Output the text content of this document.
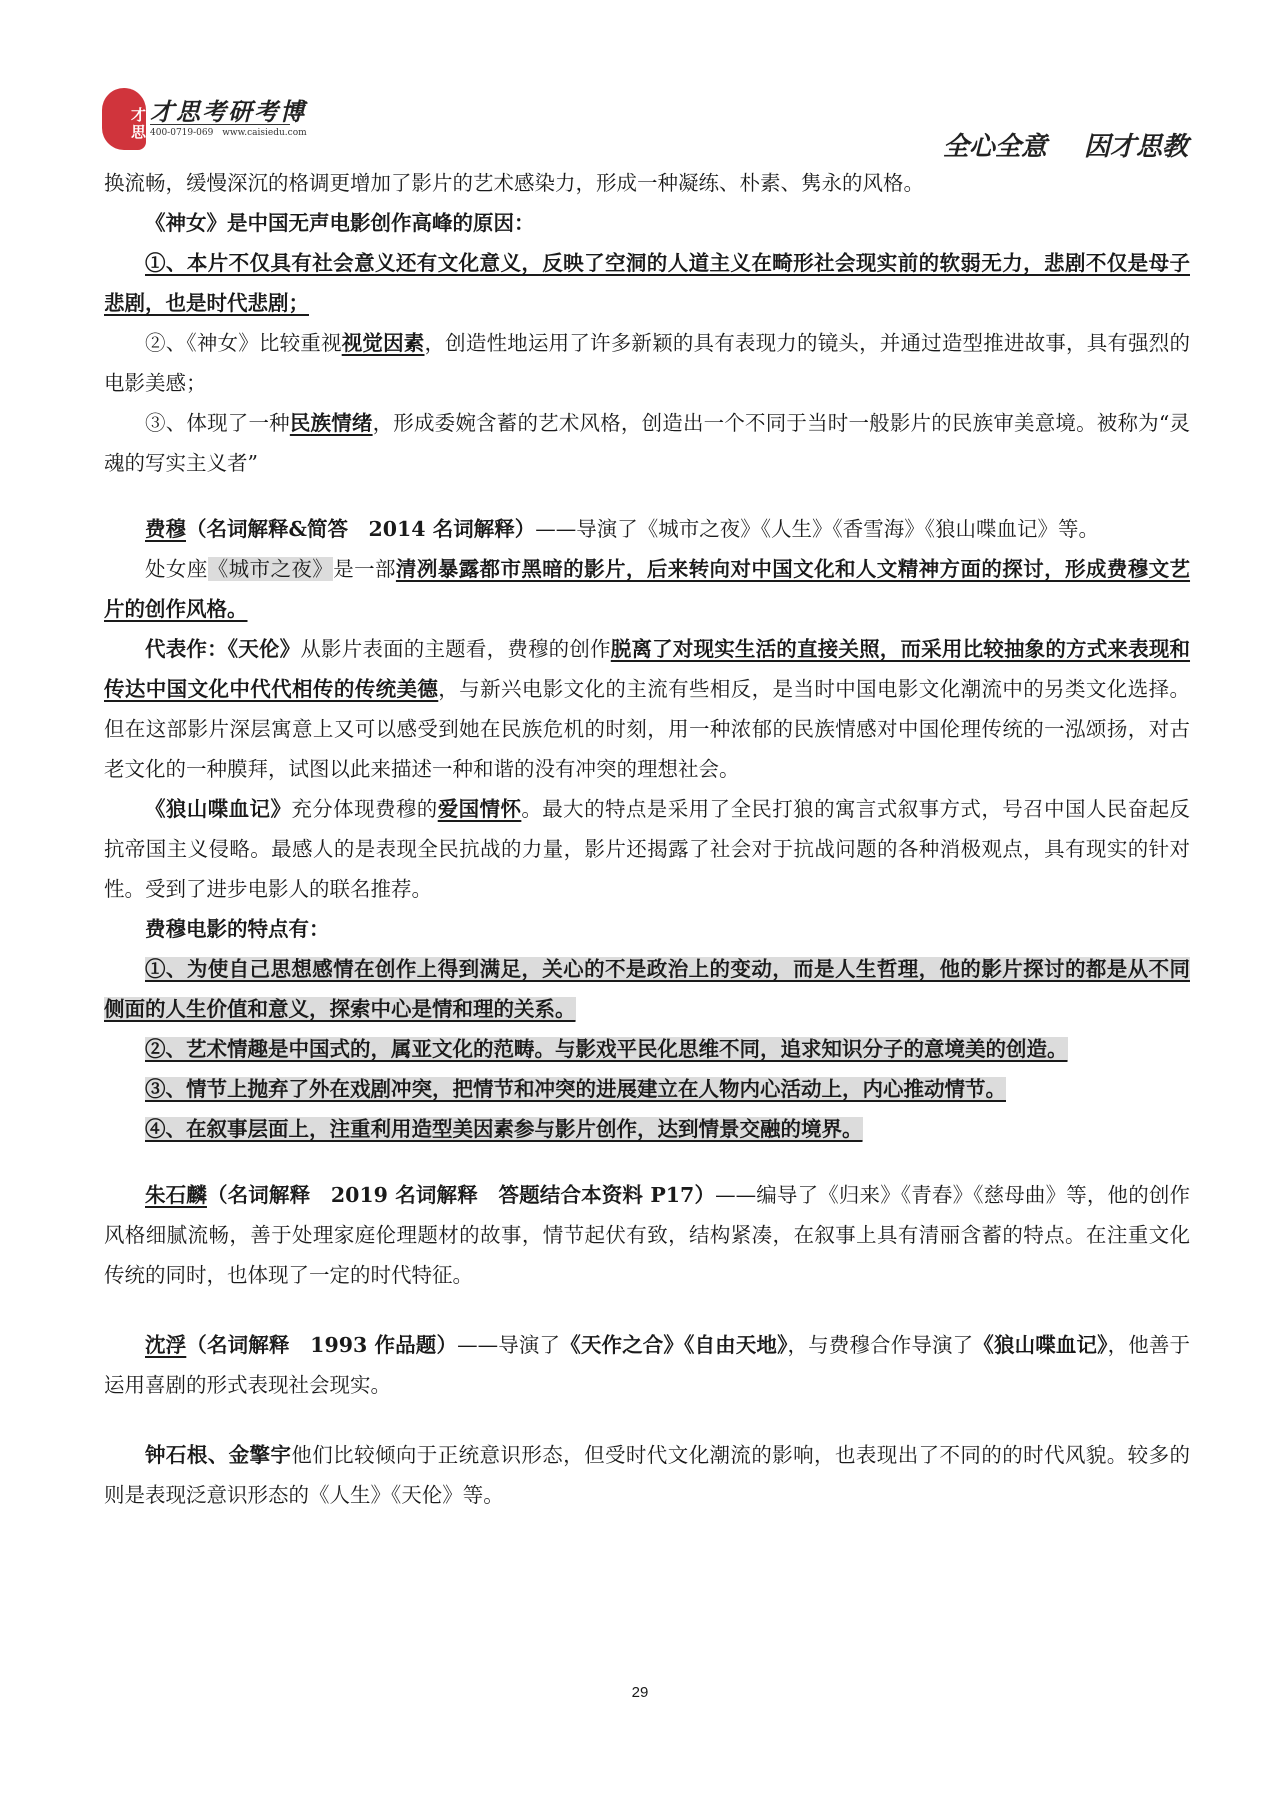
才思 才思考研考博
400-0719-069 www.caisiedu.com	全心全意 因才思教

换流畅，缓慢深沉的格调更增加了影片的艺术感染力，形成一种凝练、朴素、隽永的风格。

《神女》是中国无声电影创作高峰的原因：

①、本片不仅具有社会意义还有文化意义，反映了空洞的人道主义在畸形社会现实前的软弱无力，悲剧不仅是母子悲剧，也是时代悲剧；

②、《神女》比较重视视觉因素，创造性地运用了许多新颖的具有表现力的镜头，并通过造型推进故事，具有强烈的电影美感；

③、体现了一种民族情绪，形成委婉含蓄的艺术风格，创造出一个不同于当时一般影片的民族审美意境。被称为“灵魂的写实主义者”

费穆（名词解释&简答　2014 名词解释）——导演了《城市之夜》《人生》《香雪海》《狼山喋血记》等。

处女座《城市之夜》是一部清冽暴露都市黑暗的影片，后来转向对中国文化和人文精神方面的探讨，形成费穆文艺片的创作风格。

代表作：《天伦》从影片表面的主题看，费穆的创作脱离了对现实生活的直接关照，而采用比较抽象的方式来表现和传达中国文化中代代相传的传统美德，与新兴电影文化的主流有些相反，是当时中国电影文化潮流中的另类文化选择。但在这部影片深层寓意上又可以感受到她在民族危机的时刻，用一种浓郁的民族情感对中国伦理传统的一泓颂扬，对古老文化的一种膜拜，试图以此来描述一种和谐的没有冲突的理想社会。

《狼山喋血记》充分体现费穆的爱国情怀。最大的特点是采用了全民打狼的寓言式叙事方式，号召中国人民奋起反抗帝国主义侵略。最感人的是表现全民抗战的力量，影片还揭露了社会对于抗战问题的各种消极观点，具有现实的针对性。受到了进步电影人的联名推荐。

费穆电影的特点有：

①、为使自己思想感情在创作上得到满足，关心的不是政治上的变动，而是人生哲理，他的影片探讨的都是从不同侧面的人生价值和意义，探索中心是情和理的关系。

②、艺术情趣是中国式的，属亚文化的范畴。与影戏平民化思维不同，追求知识分子的意境美的创造。

③、情节上抛弃了外在戏剧冲突，把情节和冲突的进展建立在人物内心活动上，内心推动情节。

④、在叙事层面上，注重利用造型美因素参与影片创作，达到情景交融的境界。

朱石麟（名词解释　2019 名词解释　答题结合本资料 P17）——编导了《归来》《青春》《慈母曲》等，他的创作风格细腻流畅，善于处理家庭伦理题材的故事，情节起伏有致，结构紧凑，在叙事上具有清丽含蓄的特点。在注重文化传统的同时，也体现了一定的时代特征。

沈浮（名词解释　1993 作品题）——导演了《天作之合》《自由天地》，与费穆合作导演了《狼山喋血记》，他善于运用喜剧的形式表现社会现实。

钟石根、金擎宇他们比较倾向于正统意识形态，但受时代文化潮流的影响，也表现出了不同的的时代风貌。较多的则是表现泛意识形态的《人生》《天伦》等。

29
